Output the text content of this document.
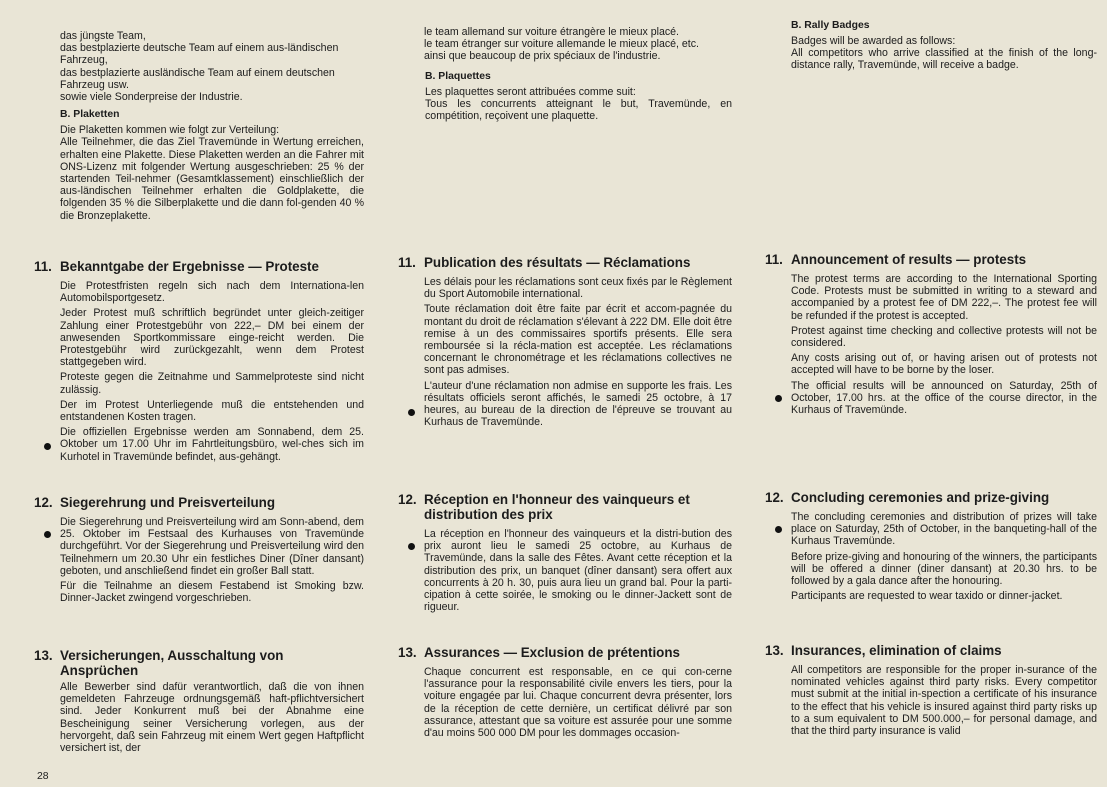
das jüngste Team,

das bestplazierte deutsche Team auf einem aus-ländischen Fahrzeug,

das bestplazierte ausländische Team auf einem deutschen Fahrzeug usw.

sowie viele Sonderpreise der Industrie.

B. Plaketten

Die Plaketten kommen wie folgt zur Verteilung:

Alle Teilnehmer, die das Ziel Travemünde in Wertung erreichen, erhalten eine Plakette. Diese Plaketten werden an die Fahrer mit ONS-Lizenz mit folgender Wertung ausgeschrieben: 25 % der startenden Teil-nehmer (Gesamtklassement) einschließlich der aus-ländischen Teilnehmer erhalten die Goldplakette, die folgenden 35 % die Silberplakette und die dann fol-genden 40 % die Bronzeplakette.

11. Bekanntgabe der Ergebnisse — Proteste

Die Protestfristen regeln sich nach dem Internationa-len Automobilsportgesetz.

Jeder Protest muß schriftlich begründet unter gleich-zeitiger Zahlung einer Protestgebühr von 222,– DM bei einem der anwesenden Sportkommissare einge-reicht werden. Die Protestgebühr wird zurückgezahlt, wenn dem Protest stattgegeben wird.

Proteste gegen die Zeitnahme und Sammelproteste sind nicht zulässig.

Der im Protest Unterliegende muß die entstehenden und entstandenen Kosten tragen.

Die offiziellen Ergebnisse werden am Sonnabend, dem 25. Oktober um 17.00 Uhr im Fahrtleitungsbüro, wel-ches sich im Kurhotel in Travemünde befindet, aus-gehängt.

12. Siegerehrung und Preisverteilung

Die Siegerehrung und Preisverteilung wird am Sonn-abend, dem 25. Oktober im Festsaal des Kurhauses von Travemünde durchgeführt. Vor der Siegerehrung und Preisverteilung wird den Teilnehmern um 20.30 Uhr ein festliches Diner (Dîner dansant) geboten, und anschließend findet ein großer Ball statt.

Für die Teilnahme an diesem Festabend ist Smoking bzw. Dinner-Jacket zwingend vorgeschrieben.

13. Versicherungen, Ausschaltung von Ansprüchen

Alle Bewerber sind dafür verantwortlich, daß die von ihnen gemeldeten Fahrzeuge ordnungsgemäß haft-pflichtversichert sind. Jeder Konkurrent muß bei der Abnahme eine Bescheinigung seiner Versicherung vorlegen, aus der hervorgeht, daß sein Fahrzeug mit einem Wert gegen Haftpflicht versichert ist, der

le team allemand sur voiture étrangère le mieux placé.

le team étranger sur voiture allemande le mieux placé, etc.

ainsi que beaucoup de prix spéciaux de l'industrie.

B. Plaquettes

Les plaquettes seront attribuées comme suit:

Tous les concurrents atteignant le but, Travemünde, en compétition, reçoivent une plaquette.

11. Publication des résultats — Réclamations

Les délais pour les réclamations sont ceux fixés par le Règlement du Sport Automobile international.

Toute réclamation doit être faite par écrit et accom-pagnée du montant du droit de réclamation s'élevant à 222 DM. Elle doit être remise à un des commissaires sportifs présents. Elle sera remboursée si la récla-mation est acceptée. Les réclamations concernant le chronométrage et les réclamations collectives ne sont pas admises.

L'auteur d'une réclamation non admise en supporte les frais. Les résultats officiels seront affichés, le samedi 25 octobre, à 17 heures, au bureau de la direction de l'épreuve se trouvant au Kurhaus de Travemünde.

12. Réception en l'honneur des vainqueurs et distribution des prix

La réception en l'honneur des vainqueurs et la distri-bution des prix auront lieu le samedi 25 octobre, au Kurhaus de Travemünde, dans la salle des Fêtes. Avant cette réception et la distribution des prix, un banquet (dîner dansant) sera offert aux concurrents à 20 h. 30, puis aura lieu un grand bal. Pour la parti-cipation à cette soirée, le smoking ou le dinner-Jackett sont de rigueur.

13. Assurances — Exclusion de prétentions

Chaque concurrent est responsable, en ce qui con-cerne l'assurance pour la responsabilité civile envers les tiers, pour la voiture engagée par lui. Chaque concurrent devra présenter, lors de la réception de cette dernière, un certificat délivré par son assurance, attestant que sa voiture est assurée pour une somme d'au moins 500 000 DM pour les dommages occasion-

B. Rally Badges

Badges will be awarded as follows:

All competitors who arrive classified at the finish of the long-distance rally, Travemünde, will receive a badge.

11. Announcement of results — protests

The protest terms are according to the International Sporting Code. Protests must be submitted in writing to a steward and accompanied by a protest fee of DM 222,–. The protest fee will be refunded if the protest is accepted.

Protest against time checking and collective protests will not be considered.

Any costs arising out of, or having arisen out of protests not accepted will have to be borne by the loser.

The official results will be announced on Saturday, 25th of October, 17.00 hrs. at the office of the course director, in the Kurhaus of Travemünde.

12. Concluding ceremonies and prize-giving

The concluding ceremonies and distribution of prizes will take place on Saturday, 25th of October, in the banqueting-hall of the Kurhaus Travemünde.

Before prize-giving and honouring of the winners, the participants will be offered a dinner (diner dansant) at 20.30 hrs. to be followed by a gala dance after the honouring.

Participants are requested to wear taxido or dinner-jacket.

13. Insurances, elimination of claims

All competitors are responsible for the proper in-surance of the nominated vehicles against third party risks. Every competitor must submit at the initial in-spection a certificate of his insurance to the effect that his vehicle is insured against third party risks up to a sum equivalent to DM 500.000,– for personal damage, and that the third party insurance is valid

28
